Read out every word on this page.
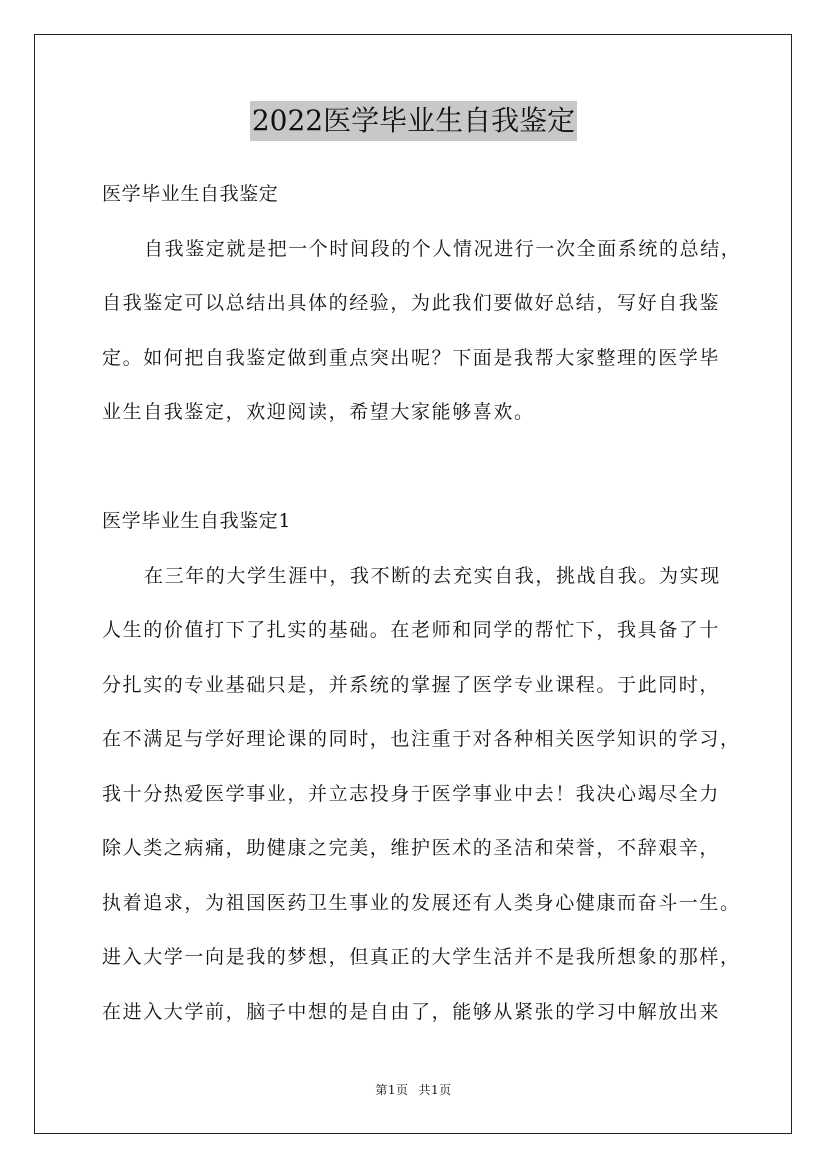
2022医学毕业生自我鉴定
医学毕业生自我鉴定
自我鉴定就是把一个时间段的个人情况进行一次全面系统的总结，
自我鉴定可以总结出具体的经验，为此我们要做好总结，写好自我鉴
定。如何把自我鉴定做到重点突出呢？下面是我帮大家整理的医学毕
业生自我鉴定，欢迎阅读，希望大家能够喜欢。
医学毕业生自我鉴定1
在三年的大学生涯中，我不断的去充实自我，挑战自我。为实现
人生的价值打下了扎实的基础。在老师和同学的帮忙下，我具备了十
分扎实的专业基础只是，并系统的掌握了医学专业课程。于此同时，
在不满足与学好理论课的同时，也注重于对各种相关医学知识的学习，
我十分热爱医学事业，并立志投身于医学事业中去！我决心竭尽全力
除人类之病痛，助健康之完美，维护医术的圣洁和荣誉，不辞艰辛，
执着追求，为祖国医药卫生事业的发展还有人类身心健康而奋斗一生。
进入大学一向是我的梦想，但真正的大学生活并不是我所想象的那样，
在进入大学前，脑子中想的是自由了，能够从紧张的学习中解放出来
第1页 共1页
